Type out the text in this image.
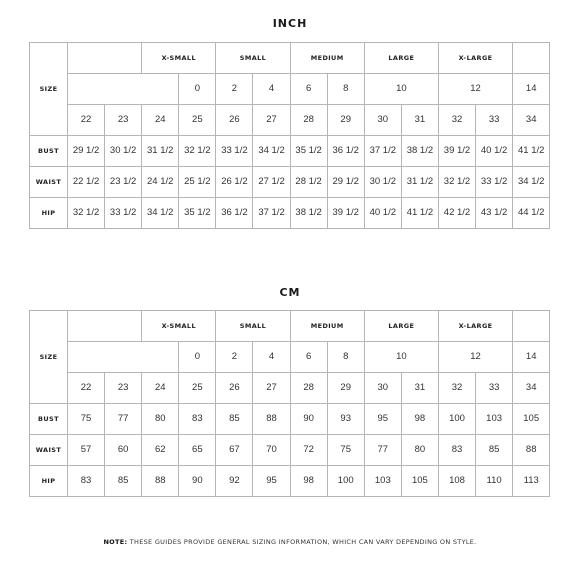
INCH
SIZE			X-SMALL		SMALL		MEDIUM		LARGE		X-LARGE		
				0	2	4	6	8	10		12		14
	22	23	24	25	26	27	28	29	30	31	32	33	34
BUST	29 1/2	30 1/2	31 1/2	32 1/2	33 1/2	34 1/2	35 1/2	36 1/2	37 1/2	38 1/2	39 1/2	40 1/2	41 1/2
WAIST	22 1/2	23 1/2	24 1/2	25 1/2	26 1/2	27 1/2	28 1/2	29 1/2	30 1/2	31 1/2	32 1/2	33 1/2	34 1/2
HIP	32 1/2	33 1/2	34 1/2	35 1/2	36 1/2	37 1/2	38 1/2	39 1/2	40 1/2	41 1/2	42 1/2	43 1/2	44 1/2
CM
SIZE			X-SMALL		SMALL		MEDIUM		LARGE		X-LARGE		
				0	2	4	6	8	10		12		14
	22	23	24	25	26	27	28	29	30	31	32	33	34
BUST	75	77	80	83	85	88	90	93	95	98	100	103	105
WAIST	57	60	62	65	67	70	72	75	77	80	83	85	88
HIP	83	85	88	90	92	95	98	100	103	105	108	110	113
NOTE: THESE GUIDES PROVIDE GENERAL SIZING INFORMATION, WHICH CAN VARY DEPENDING ON STYLE.
